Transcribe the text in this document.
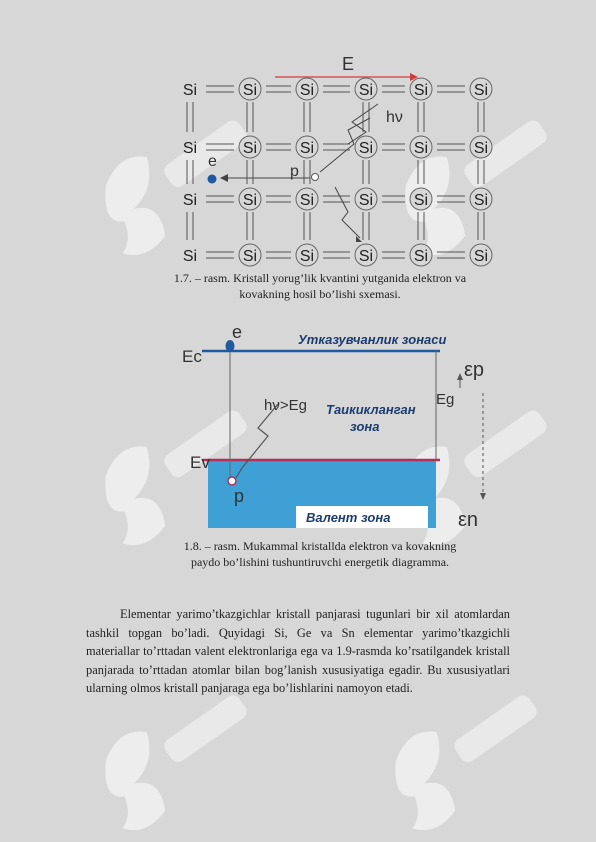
Si	Si	Si	Si	Si	Si
Si	Si	Si	Si	Si	Si
Si	Si	Si	Si	Si	Si
Si	Si	Si	Si	Si	Si
E
hν
e
p
1.7. – rasm. Kristall yorug’lik kvantini yutganida elektron va
kovakning hosil bo’lishi sxemasi.
Валент зона
Утказувчанлик зонаси
Ec
Ev
e
hν>Eg Таикикланган
зона
p
Eg
εp
εn
1.8. – rasm. Mukammal kristallda elektron va kovakning
paydo bo’lishini tushuntiruvchi energetik diagramma.
Elementar yarimo’tkazgichlar kristall panjarasi tugunlari bir xil atomlardan tashkil topgan bo’ladi. Quyidagi Si, Ge va Sn elementar yarimo’tkazgichli materiallar to’rttadan valent elektronlariga ega va 1.9-rasmda ko’rsatilgandek kristall panjarada to’rttadan atomlar bilan bog’lanish xususiyatiga egadir. Bu xususiyatlari ularning olmos kristall panjaraga ega bo’lishlarini namoyon etadi.
